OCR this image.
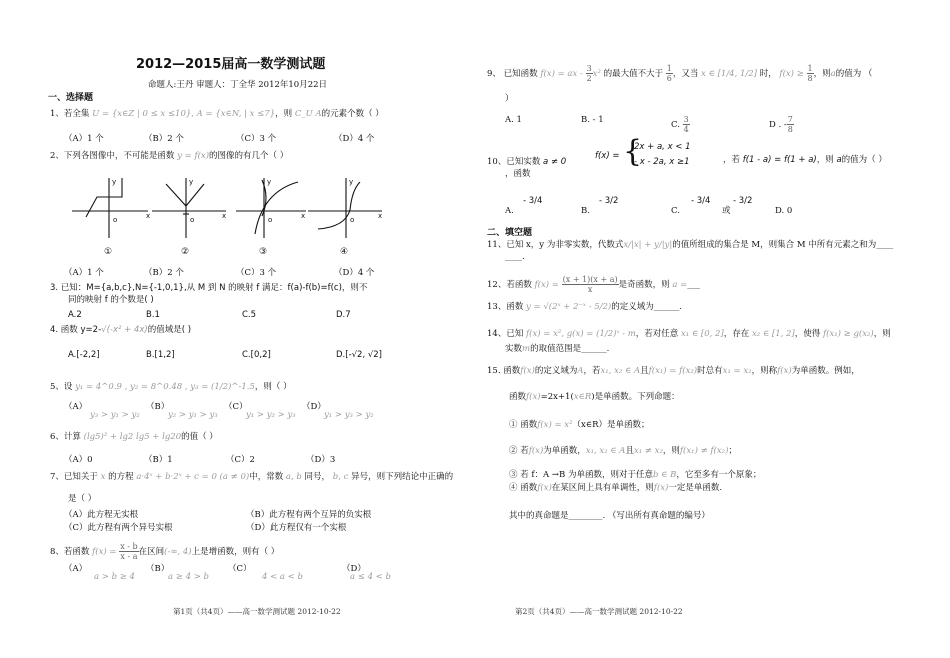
2012—2015届高一数学测试题
命题人:王丹 审题人：丁全华 2012年10月22日
一、选择题
1、若全集 U = {x∈Z | 0 ≤ x ≤10}, A = {x∈N, | x ≤7}，则 C_U A的元素个数（ ）
（A）1 个	（B）2 个	（C）3 个	（D）4 个
2、下列各图像中，不可能是函数 y = f(x)的图像的有几个（ ）
y
x
o
y
x
o
y
x
o
y
x
o
①	②	③	④
（A）1 个	（B）2 个	（C）3 个	（D）4 个
3. 已知：M={a,b,c},N={-1,0,1},从 M 到 N 的映射 f 满足：f(a)-f(b)=f(c)，则不
同的映射 f 的个数是( )
A.2	B.1	C.5	D.7
4. 函数 y=2-√(-x² + 4x)的值域是( )
A.[-2,2]	B.[1,2]	C.[0,2]	D.[-√2, √2]
5、设 y₁ = 4^0.9 , y₂ = 8^0.48 , y₃ = (1/2)^-1.5，则（ ）
（A）
y₃ > y₁ > y₂
（B）
y₂ > y₁ > y₃
（C）
y₁ > y₂ > y₃
（D）
y₁ > y₃ > y₂
6、计算 (lg5)² + lg2 lg5 + lg20的值（ ）
（A）0	（B）1	（C）2	（D）3
7、已知关于 x 的方程 a·4ˣ + b·2ˣ + c = 0 (a ≠ 0)中，常数 a, b 同号， b, c 异号，则下列结论中正确的
是（ ）
（A）此方程无实根	（B）此方程有两个互异的负实根
（C）此方程有两个异号实根	（D）此方程仅有一个实根
8、若函数 $f(x) = \frac{x - b}{x - a}$ 在区间(-∞, 4)上是增函数，则有（ ）
（A）
a > b ≥ 4
（B）
a ≥ 4 > b
（C）
4 < a < b
（D）
a ≤ 4 < b
第1页（共4页）——高一数学测试题 2012-10-22
9、 已知函数 f(x) = ax - $\frac{3}{2} x^2$ 的最大值不大于 $\frac{1}{6}$ ，又当 x ∈ [1/4, 1/2] 时， $f(x) \ge \frac{1}{8}$ ，则a的值为 （
）
A. 1	B. - 1	C. $\frac{3}{4}$	D . - $\frac{7}{8}$
10、已知实数 a ≠ 0
，函数
f(x) = {
2x + a, x < 1
- x - 2a, x ≥1	，若 f(1 - a) = f(1 + a)，则 a的值为（ ）
A.
- 3/4
B.
- 3/2
C.
- 3/4
或
- 3/2
D. 0
二、填空题
11、已知 x，y 为非零实数，代数式x/|x| + y/|y|的值所组成的集合是 M，则集合 M 中所有元素之和为____
____.
12、若函数 $f(x) = \frac{(x + 1)(x + a)}{x}$ 是奇函数，则 a =___
13、函数 y = √(2ˣ + 2⁻ˣ - 5/2)的定义域为______.
14、已知 f(x) = x², g(x) = (1/2)ˣ - m，若对任意 x₁ ∈ [0, 2]，存在 x₂ ∈ [1, 2]，使得 f(x₁) ≥ g(x₂)，则
实数m的取值范围是______.
15. 函数f(x)的定义域为A，若x₁, x₂ ∈ A且f(x₁) = f(x₂)时总有x₁ = x₂，则称f(x)为单函数。例如，
函数f(x)=2x+1(x∈R)是单函数。下列命题：
① 函数f(x) = x²（x∈R）是单函数；
② 若f(x)为单函数，x₁, x₂ ∈ A且x₁ ≠ x₂，则f(x₁) ≠ f(x₂)；
③ 若 f：A →B 为单函数，则对于任意b ∈ B，它至多有一个原象；
④ 函数f(x)在某区间上具有单调性，则f(x)一定是单函数.
其中的真命题是________. （写出所有真命题的编号）
第2页（共4页）——高一数学测试题 2012-10-22
